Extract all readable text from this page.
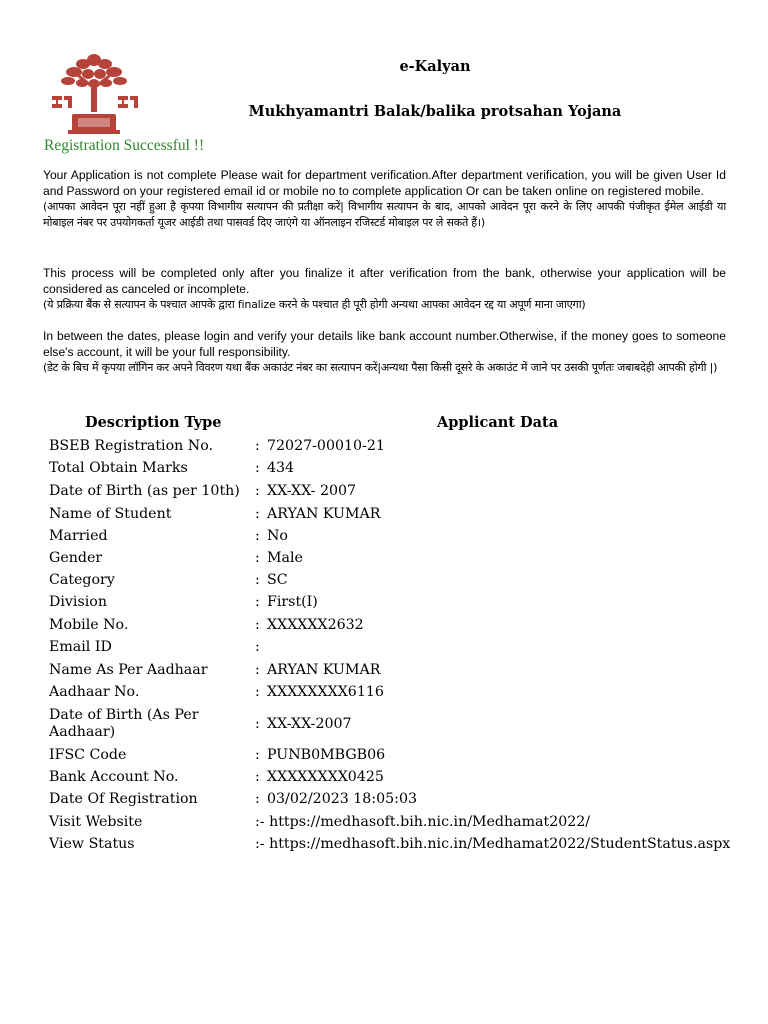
e-Kalyan
Mukhyamantri Balak/balika protsahan Yojana
Registration Successful !!
Your Application is not complete Please wait for department verification.After department verification, you will be given User Id and Password on your registered email id or mobile no to complete application Or can be taken online on registered mobile.
(आपका आवेदन पूरा नहीं हुआ है कृपया विभागीय सत्यापन की प्रतीक्षा करें| विभागीय सत्यापन के बाद, आपको आवेदन पूरा करने के लिए आपकी पंजीकृत ईमेल आईडी या मोबाइल नंबर पर उपयोगकर्ता यूजर आईडी तथा पासवर्ड दिए जाएंगे या ऑनलाइन रजिस्टर्ड मोबाइल पर ले सकते हैं।)
This process will be completed only after you finalize it after verification from the bank, otherwise your application will be considered as canceled or incomplete.
(ये प्रक्रिया बैंक से सत्यापन के पश्चात आपके द्वारा finalize करने के पश्चात ही पूरी होगी अन्यथा आपका आवेदन रद्द या अपूर्ण माना जाएगा)
In between the dates, please login and verify your details like bank account number.Otherwise, if the money goes to someone else's account, it will be your full responsibility.
(डेट के बिच में कृपया लॉगिन कर अपने विवरण यथा बैंक अकाउंट नंबर का सत्यापन करें|अन्यथा पैसा किसी दूसरे के अकाउंट में जाने पर उसकी पूर्णतः जबाबदेही आपकी होगी |)
Description Type	Applicant Data
BSEB Registration No.	: 72027-00010-21
Total Obtain Marks	: 434
Date of Birth (as per 10th)	: XX-XX- 2007
Name of Student	: ARYAN KUMAR
Married	: No
Gender	: Male
Category	: SC
Division	: First(I)
Mobile No.	: XXXXXX2632
Email ID	:
Name As Per Aadhaar	: ARYAN KUMAR
Aadhaar No.	: XXXXXXXX6116
Date of Birth (As Per Aadhaar)	: XX-XX-2007
IFSC Code	: PUNB0MBGB06
Bank Account No.	: XXXXXXXX0425
Date Of Registration	: 03/02/2023 18:05:03
Visit Website	:- https://medhasoft.bih.nic.in/Medhamat2022/
View Status	:- https://medhasoft.bih.nic.in/Medhamat2022/StudentStatus.aspx
